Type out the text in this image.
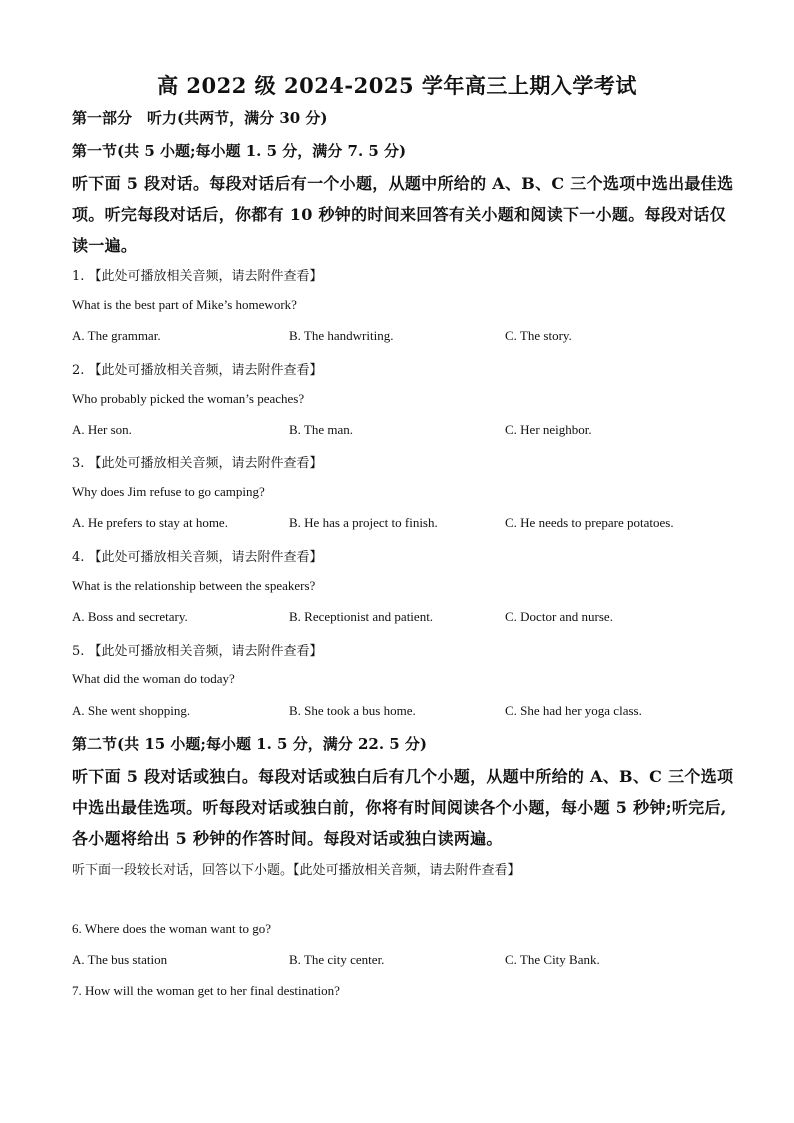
高 2022 级 2024-2025 学年高三上期入学考试
第一部分　听力(共两节，满分 30 分)
第一节(共 5 小题;每小题 1. 5 分，满分 7. 5 分)
听下面 5 段对话。每段对话后有一个小题，从题中所给的 A、B、C 三个选项中选出最佳选
项。听完每段对话后，你都有 10 秒钟的时间来回答有关小题和阅读下一小题。每段对话仅
读一遍。
1. 【此处可播放相关音频，请去附件查看】
What is the best part of Mike’s homework?
A. The grammar.	B. The handwriting.	C. The story.
2. 【此处可播放相关音频，请去附件查看】
Who probably picked the woman’s peaches?
A. Her son.	B. The man.	C. Her neighbor.
3. 【此处可播放相关音频，请去附件查看】
Why does Jim refuse to go camping?
A. He prefers to stay at home.	B. He has a project to finish.	C. He needs to prepare potatoes.
4. 【此处可播放相关音频，请去附件查看】
What is the relationship between the speakers?
A. Boss and secretary.	B. Receptionist and patient.	C. Doctor and nurse.
5. 【此处可播放相关音频，请去附件查看】
What did the woman do today?
A. She went shopping.	B. She took a bus home.	C. She had her yoga class.
第二节(共 15 小题;每小题 1. 5 分，满分 22. 5 分)
听下面 5 段对话或独白。每段对话或独白后有几个小题，从题中所给的 A、B、C 三个选项
中选出最佳选项。听每段对话或独白前，你将有时间阅读各个小题，每小题 5 秒钟;听完后,
各小题将给出 5 秒钟的作答时间。每段对话或独白读两遍。
听下面一段较长对话，回答以下小题。【此处可播放相关音频，请去附件查看】
6. Where does the woman want to go?
A. The bus station	B. The city center.	C. The City Bank.
7. How will the woman get to her final destination?
